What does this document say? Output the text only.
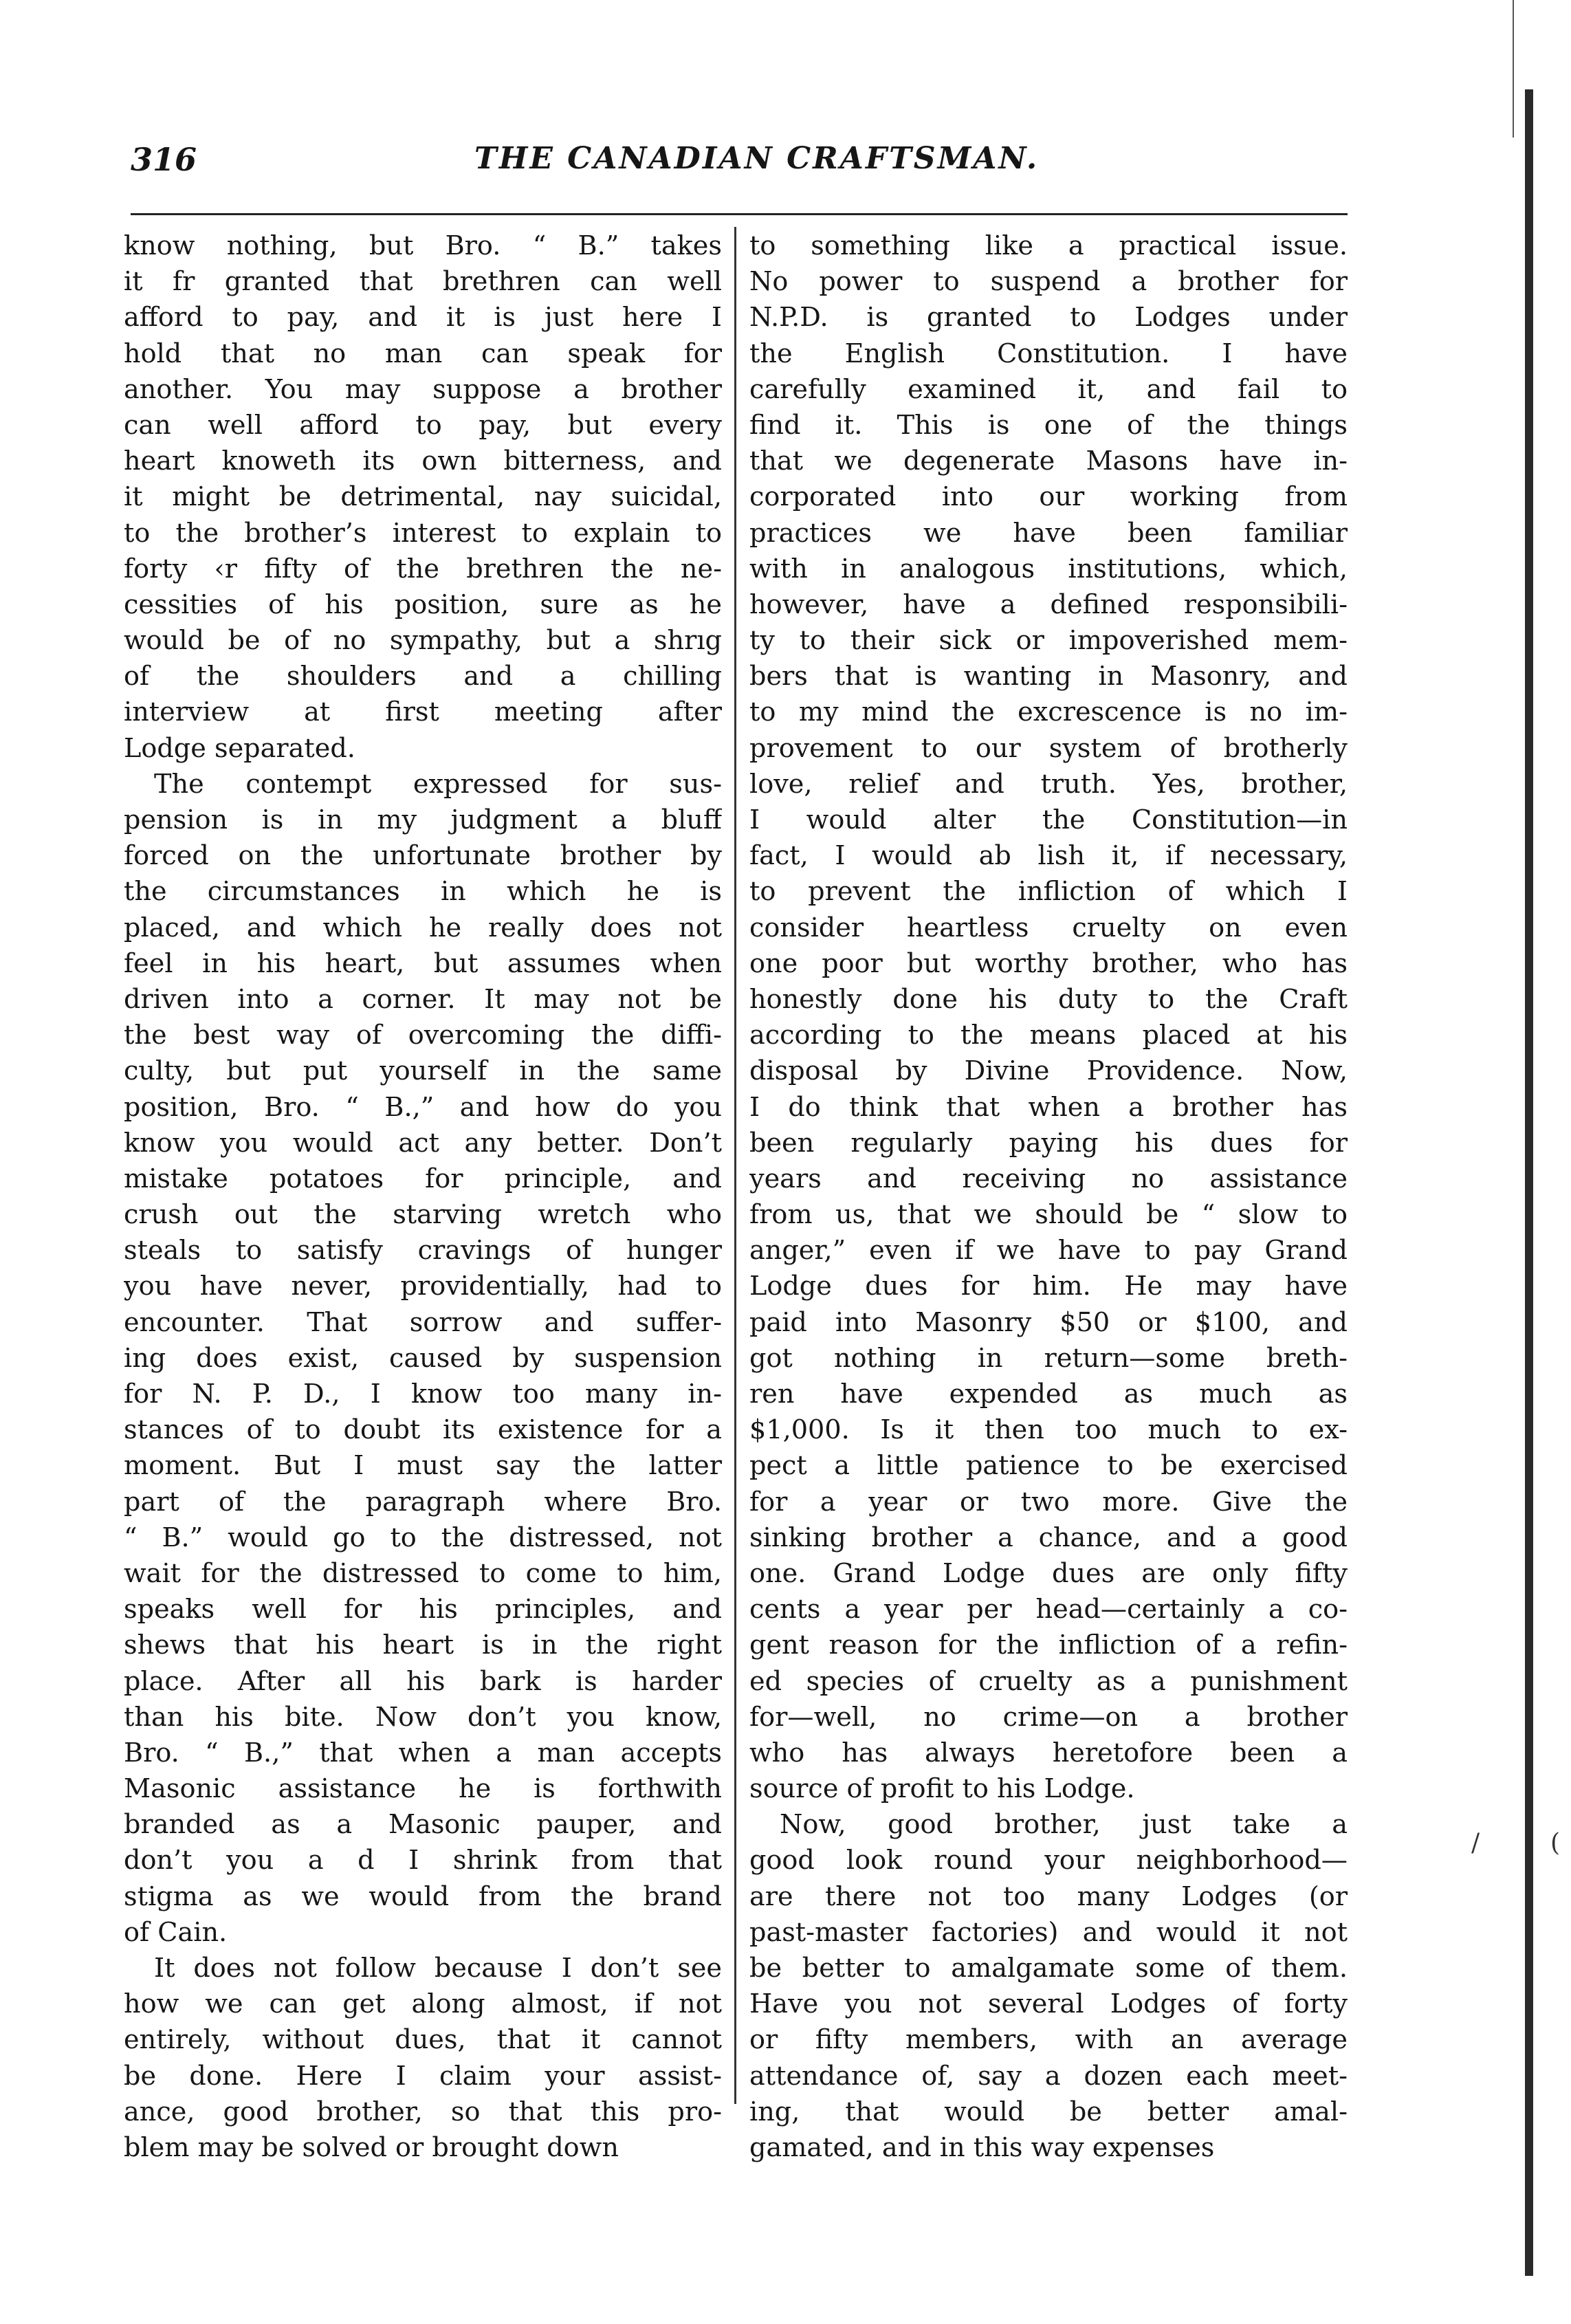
316	THE CANADIAN CRAFTSMAN.
know nothing, but Bro. “ B.” takes
it f⁠r granted that brethren can well
afford to pay, and it is just here I
hold that no man can speak for
another. You may suppose a brother
can well afford to pay, but every
heart knoweth its own bitterness, and
it might be detrimental, nay suicidal,
to the brother’s interest to explain to
forty ‹r fifty of the brethren the ne-
cessities of his position, sure as he
would be of no sympathy, but a shrıg
of the shoulders and a chilling
interview at first meeting after
Lodge separated.
The contempt expressed for sus-
pension is in my judgment a bluff
forced on the unfortunate brother by
the circumstances in which he is
placed, and which he really does not
feel in his heart, but assumes when
driven into a corner. It may not be
the best way of overcoming the diffi-
culty, but put yourself in the same
position, Bro. “ B.,” and how do you
know you would act any better. Don’t
mistake potatoes for principle, and
crush out the starving wretch who
steals to satisfy cravings of hunger
you have never, providentially, had to
encounter. That sorrow and suffer-
ing does exist, caused by suspension
for N. P. D., I know too many in-
stances of to doubt its existence for a
moment. But I must say the latter
part of the paragraph where Bro.
“ B.” would go to the distressed, not
wait for the distressed to come to him,
speaks well for his principles, and
shews that his heart is in the right
place. After all his bark is harder
than his bite. Now don’t you know,
Bro. “ B.,” that when a man accepts
Masonic assistance he is forthwith
branded as a Masonic pauper, and
don’t you a d I shrink from that
stigma as we would from the brand
of Cain.
It does not follow because I don’t see
how we can get along almost, if not
entirely, without dues, that it cannot
be done. Here I claim your assist-
ance, good brother, so that this pro-
blem may be solved or brought down
to something like a practical issue.
No power to suspend a brother for
N.P.D. is granted to Lodges under
the English Constitution. I have
carefully examined it, and fail to
find it. This is one of the things
that we degenerate Masons have in-
corporated into our working from
practices we have been familiar
with in analogous institutions, which,
however, have a defined responsibili-
ty to their sick or impoverished mem-
bers that is wanting in Masonry, and
to my mind the excrescence is no im-
provement to our system of brotherly
love, relief and truth. Yes, brother,
I would alter the Constitution—in
fact, I would ab li⁠sh it, if necessary,
to prevent the infliction of which I
consider heartless cruelty on even
one poor but worthy brother, who has
honestly done his duty to the Craft
according to the means placed at his
disposal by Divine Providence. Now,
I do think that when a brother has
been regularly paying his dues for
years and receiving no assistance
from us, that we should be “ slow to
anger,” even if we have to pay Grand
Lodge dues for him. He may have
paid into Masonry $50 or $100, and
got nothing in return—some breth-
ren have expended as much as
$1,000. Is it then too much to ex-
pect a little patience to be exercised
for a year or two more. Give the
sinking brother a chance, and a good
one. Grand Lodge dues are only fifty
cents a year per head—certainly a co-
gent reason for the infliction of a refin-
ed species of cruelty as a punishment
for—well, no crime—on a brother
who has always heretofore been a
source of profit to his Lodge.
Now, good brother, just take a
good look round your neighborhood—
are there not too many Lodges (or
past-master factories) and would it not
be better to amalgamate some of them.
Have you not several Lodges of forty
or fifty members, with an average
attendance of, say a dozen each meet-
ing, that would be better amal-
gamated, and in this way expenses
/	(
